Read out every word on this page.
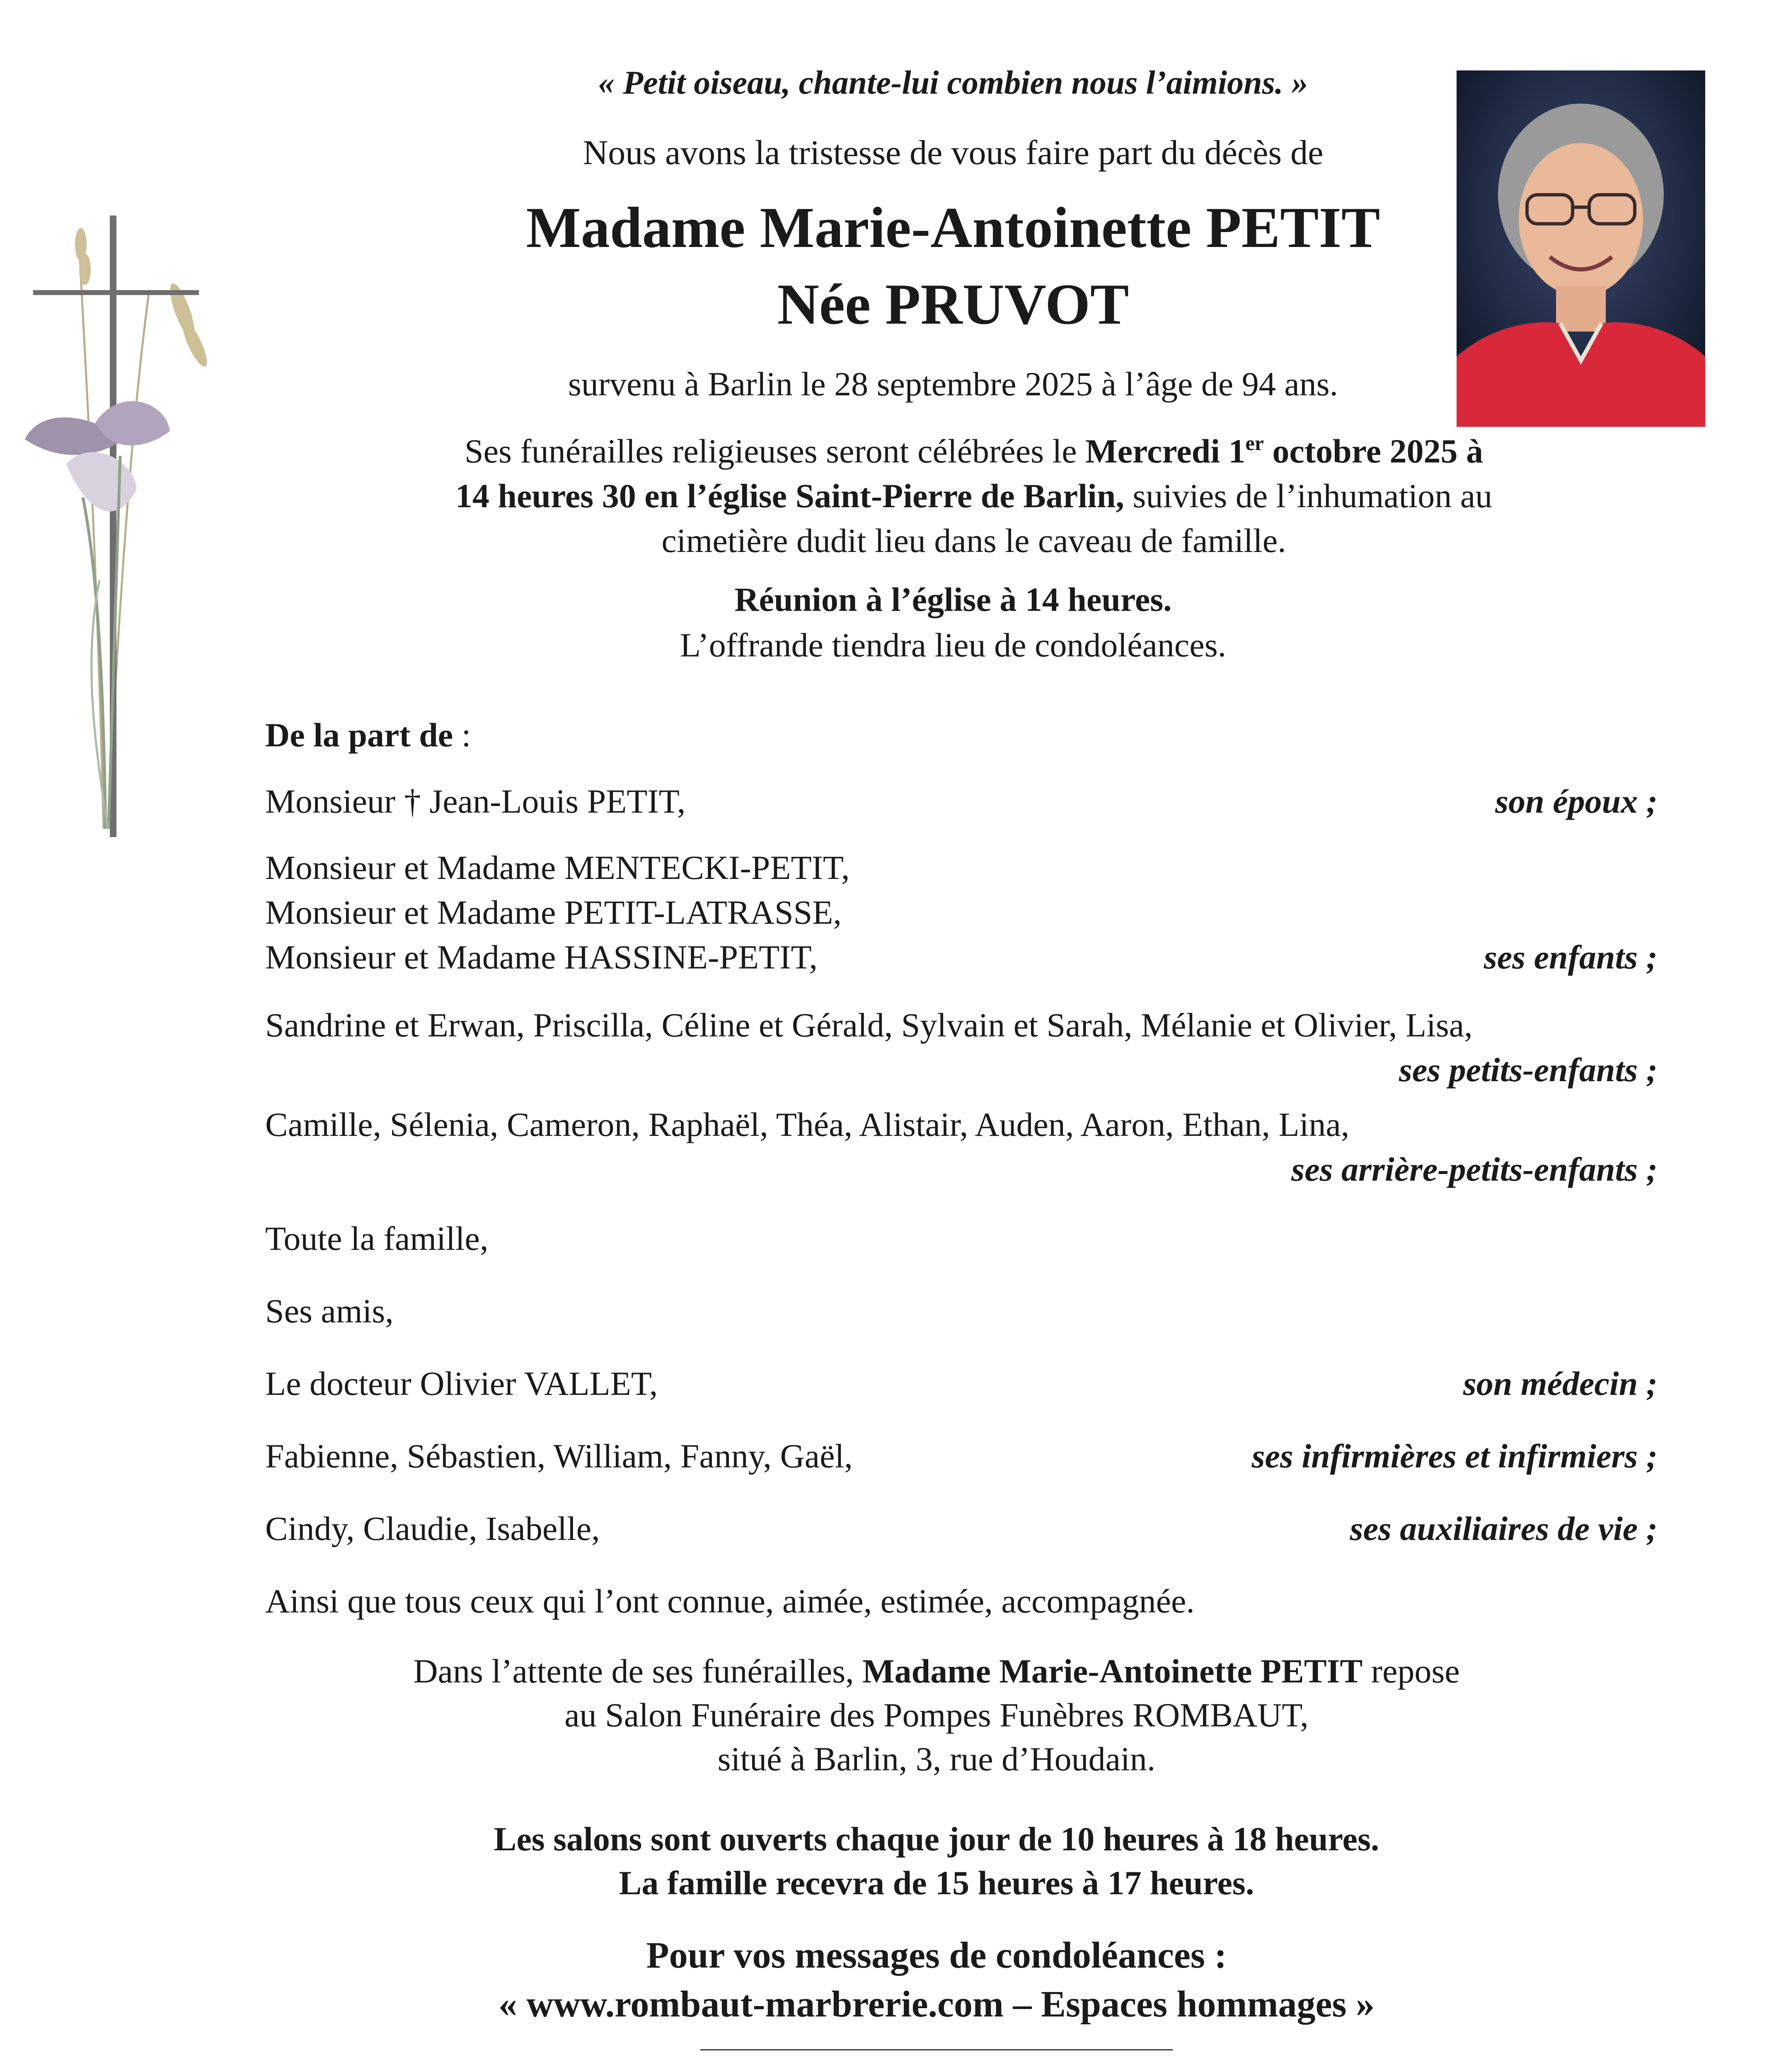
« Petit oiseau, chante-lui combien nous l’aimions. »
Nous avons la tristesse de vous faire part du décès de
Madame Marie-Antoinette PETIT
Née PRUVOT
survenu à Barlin le 28 septembre 2025 à l’âge de 94 ans.
Ses funérailles religieuses seront célébrées le Mercredi 1er octobre 2025 à
14 heures 30 en l’église Saint-Pierre de Barlin, suivies de l’inhumation au
cimetière dudit lieu dans le caveau de famille.
Réunion à l’église à 14 heures.
L’offrande tiendra lieu de condoléances.
De la part de :
Monsieur † Jean-Louis PETIT,	son époux ;
Monsieur et Madame MENTECKI-PETIT,
Monsieur et Madame PETIT-LATRASSE,
Monsieur et Madame HASSINE-PETIT,	ses enfants ;
Sandrine et Erwan, Priscilla, Céline et Gérald, Sylvain et Sarah, Mélanie et Olivier, Lisa,
ses petits-enfants ;
Camille, Sélenia, Cameron, Raphaël, Théa, Alistair, Auden, Aaron, Ethan, Lina,
ses arrière-petits-enfants ;
Toute la famille,
Ses amis,
Le docteur Olivier VALLET,	son médecin ;
Fabienne, Sébastien, William, Fanny, Gaël,	ses infirmières et infirmiers ;
Cindy, Claudie, Isabelle,	ses auxiliaires de vie ;
Ainsi que tous ceux qui l’ont connue, aimée, estimée, accompagnée.
Dans l’attente de ses funérailles, Madame Marie-Antoinette PETIT repose
au Salon Funéraire des Pompes Funèbres ROMBAUT,
situé à Barlin, 3, rue d’Houdain.
Les salons sont ouverts chaque jour de 10 heures à 18 heures.
La famille recevra de 15 heures à 17 heures.
Pour vos messages de condoléances :
« www.rombaut-marbrerie.com – Espaces hommages »
